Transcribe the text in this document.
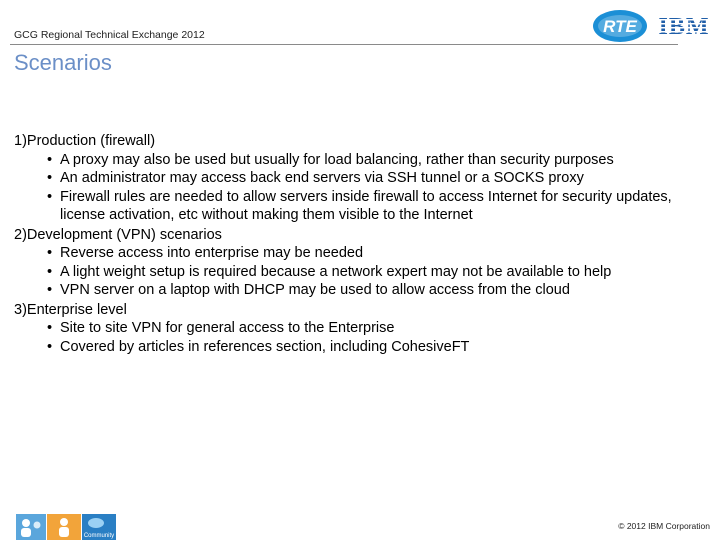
GCG Regional Technical Exchange 2012	RTE
Scenarios
1)Production (firewall)
• A proxy may also be used but usually for load balancing, rather than security purposes
• An administrator may access back end servers via SSH tunnel or a SOCKS proxy
• Firewall rules are needed to allow servers inside firewall to access Internet for security updates, license activation, etc without making them visible to the Internet
2)Development (VPN) scenarios
• Reverse access into enterprise may be needed
• A light weight setup is required because a network expert may not be available to help
• VPN server on a laptop with DHCP may be used to allow access from the cloud
3)Enterprise level
• Site to site VPN for general access to the Enterprise
• Covered by articles in references section, including CohesiveFT
Community
© 2012 IBM Corporation
